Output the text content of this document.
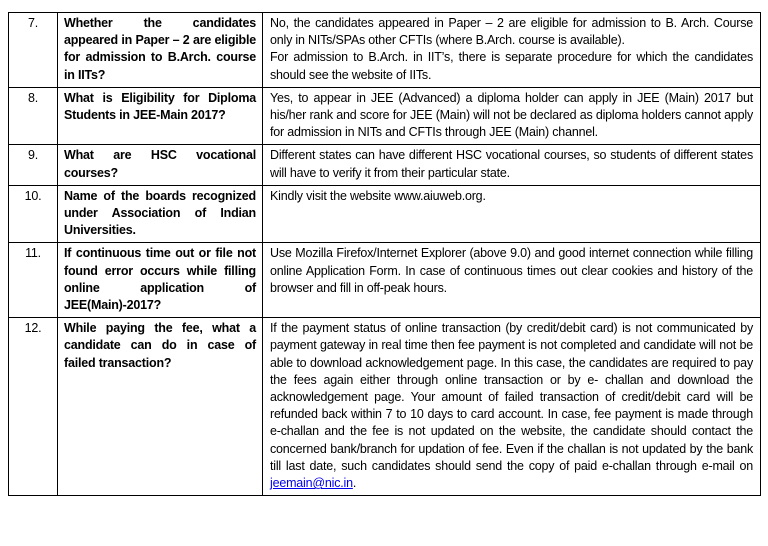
7.	Whether the candidates appeared in Paper – 2 are eligible for admission to B.Arch. course in IITs?	No, the candidates appeared in Paper – 2 are eligible for admission to B. Arch. Course only in NITs/SPAs other CFTIs (where B.Arch. course is available).
For admission to B.Arch. in IIT’s, there is separate procedure for which the candidates should see the website of IITs.

8.	What is Eligibility for Diploma Students in JEE-Main 2017?	Yes, to appear in JEE (Advanced) a diploma holder can apply in JEE (Main) 2017 but his/her rank and score for JEE (Main) will not be declared as diploma holders cannot apply for admission in NITs and CFTIs through JEE (Main) channel.

9.	What are HSC vocational courses?	Different states can have different HSC vocational courses, so students of different states will have to verify it from their particular state.

10.	Name of the boards recognized under Association of Indian Universities.	Kindly visit the website www.aiuweb.org.

11.	If continuous time out or file not found error occurs while filling online application of JEE(Main)-2017?	Use Mozilla Firefox/Internet Explorer (above 9.0) and good internet connection while filling online Application Form. In case of continuous times out clear cookies and history of the browser and fill in off-peak hours.

12.	While paying the fee, what a candidate can do in case of failed transaction?	If the payment status of online transaction (by credit/debit card) is not communicated by payment gateway in real time then fee payment is not completed and candidate will not be able to download acknowledgement page. In this case, the candidates are required to pay the fees again either through online transaction or by e- challan and download the acknowledgement page. Your amount of failed transaction of credit/debit card will be refunded back within 7 to 10 days to card account. In case, fee payment is made through e-challan and the fee is not updated on the website, the candidate should contact the concerned bank/branch for updation of fee. Even if the challan is not updated by the bank till last date, such candidates should send the copy of paid e-challan through e-mail on jeemain@nic.in.
